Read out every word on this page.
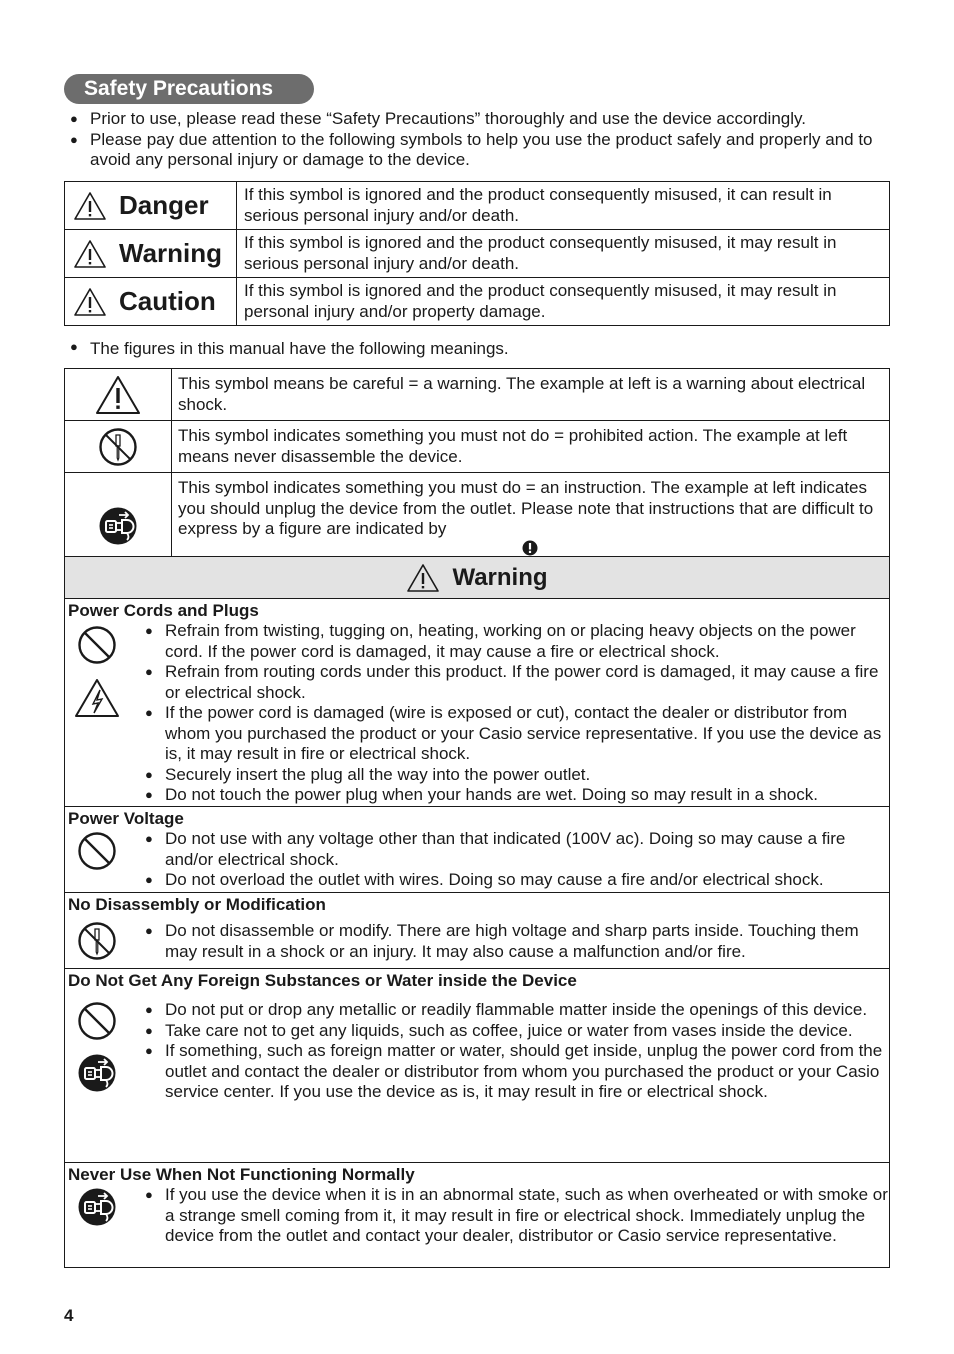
Safety Precautions
● Prior to use, please read these “Safety Precautions” thoroughly and use the device accordingly.
● Please pay due attention to the following symbols to help you use the product safely and properly and to avoid any personal injury or damage to the device.
Danger	If this symbol is ignored and the product consequently misused, it can result in serious personal injury and/or death.

Warning	If this symbol is ignored and the product consequently misused, it may result in serious personal injury and/or death.

Caution	If this symbol is ignored and the product consequently misused, it may result in personal injury and/or property damage.
● The figures in this manual have the following meanings.
	This symbol means be careful = a warning. The example at left is a warning about electrical shock.

	This symbol indicates something you must not do = prohibited action. The example at left means never disassemble the device.

	This symbol indicates something you must do = an instruction. The example at left indicates you should unplug the device from the outlet. Please note that instructions that are difficult to express by a figure are indicated by
Warning
Power Cords and Plugs
● Refrain from twisting, tugging on, heating, working on or placing heavy objects on the power cord. If the power cord is damaged, it may cause a fire or electrical shock.
● Refrain from routing cords under this product. If the power cord is damaged, it may cause a fire or electrical shock.
● If the power cord is damaged (wire is exposed or cut), contact the dealer or distributor from whom you purchased the product or your Casio service representative. If you use the device as is, it may result in fire or electrical shock.
● Securely insert the plug all the way into the power outlet.
● Do not touch the power plug when your hands are wet. Doing so may result in a shock.
Power Voltage
● Do not use with any voltage other than that indicated (100V ac). Doing so may cause a fire and/or electrical shock.
● Do not overload the outlet with wires. Doing so may cause a fire and/or electrical shock.
No Disassembly or Modification
● Do not disassemble or modify. There are high voltage and sharp parts inside. Touching them may result in a shock or an injury. It may also cause a malfunction and/or fire.
Do Not Get Any Foreign Substances or Water inside the Device
● Do not put or drop any metallic or readily flammable matter inside the openings of this device.
● Take care not to get any liquids, such as coffee, juice or water from vases inside the device.
● If something, such as foreign matter or water, should get inside, unplug the power cord from the outlet and contact the dealer or distributor from whom you purchased the product or your Casio service center. If you use the device as is, it may result in fire or electrical shock.
Never Use When Not Functioning Normally
● If you use the device when it is in an abnormal state, such as when overheated or with smoke or a strange smell coming from it, it may result in fire or electrical shock. Immediately unplug the device from the outlet and contact your dealer, distributor or Casio service representative.
4
